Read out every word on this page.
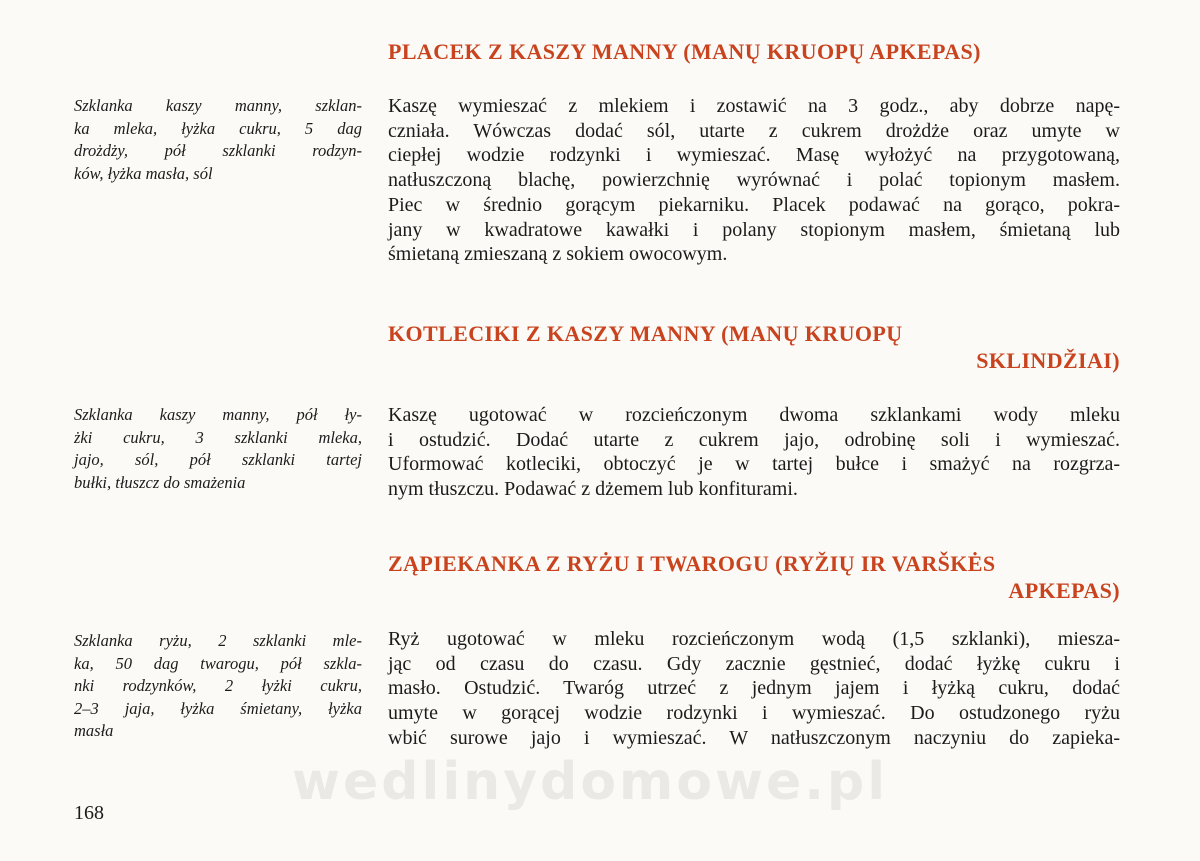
PLACEK Z KASZY MANNY (MANŲ KRUOPŲ APKEPAS)

Szklanka kaszy manny, szklan-
ka mleka, łyżka cukru, 5 dag
drożdży, pół szklanki rodzyn-
ków, łyżka masła, sól

Kaszę wymieszać z mlekiem i zostawić na 3 godz., aby dobrze napę-
czniała. Wówczas dodać sól, utarte z cukrem drożdże oraz umyte w
ciepłej wodzie rodzynki i wymieszać. Masę wyłożyć na przygotowaną,
natłuszczoną blachę, powierzchnię wyrównać i polać topionym masłem.
Piec w średnio gorącym piekarniku. Placek podawać na gorąco, pokra-
jany w kwadratowe kawałki i polany stopionym masłem, śmietaną lub
śmietaną zmieszaną z sokiem owocowym.

KOTLECIKI Z KASZY MANNY (MANŲ KRUOPŲ
SKLINDŽIAI)

Szklanka kaszy manny, pół ły-
żki cukru, 3 szklanki mleka,
jajo, sól, pół szklanki tartej
bułki, tłuszcz do smażenia

Kaszę ugotować w rozcieńczonym dwoma szklankami wody mleku
i ostudzić. Dodać utarte z cukrem jajo, odrobinę soli i wymieszać.
Uformować kotleciki, obtoczyć je w tartej bułce i smażyć na rozgrza-
nym tłuszczu. Podawać z dżemem lub konfiturami.

ZĄPIEKANKA Z RYŻU I TWAROGU (RYŽIŲ IR VARŠKĖS
APKEPAS)

Szklanka ryżu, 2 szklanki mle-
ka, 50 dag twarogu, pół szkla-
nki rodzynków, 2 łyżki cukru,
2–3 jaja, łyżka śmietany, łyżka
masła

Ryż ugotować w mleku rozcieńczonym wodą (1,5 szklanki), miesza-
jąc od czasu do czasu. Gdy zacznie gęstnieć, dodać łyżkę cukru i
masło. Ostudzić. Twaróg utrzeć z jednym jajem i łyżką cukru, dodać
umyte w gorącej wodzie rodzynki i wymieszać. Do ostudzonego ryżu
wbić surowe jajo i wymieszać. W natłuszczonym naczyniu do zapieka-

wedlinydomowe.pl
168
